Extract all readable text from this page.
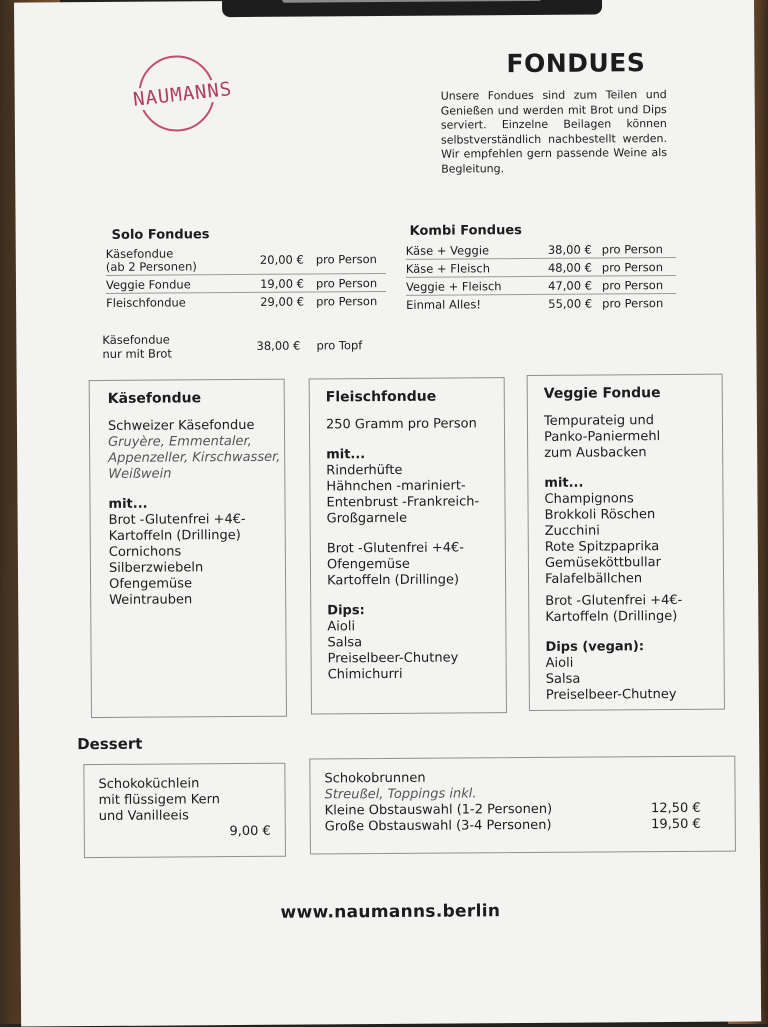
NAUMANNS
FONDUES
Unsere Fondues sind zum Teilen und Genießen und werden mit Brot und Dips serviert. Einzelne Beilagen können selbstverständlich nachbestellt werden. Wir empfehlen gern passende Weine als Begleitung.
Solo Fondues
Käsefondue
(ab 2 Personen)	20,00 € pro Person
Veggie Fondue	19,00 € pro Person
Fleischfondue	29,00 € pro Person
Käsefondue
nur mit Brot
38,00 € pro Topf
Kombi Fondues
Käse + Veggie	38,00 € pro Person
Käse + Fleisch	48,00 € pro Person
Veggie + Fleisch	47,00 € pro Person
Einmal Alles!	55,00 € pro Person
Käsefondue
Schweizer Käsefondue
Gruyère, Emmentaler,
Appenzeller, Kirschwasser,
Weißwein
mit...
Brot -Glutenfrei +4€-
Kartoffeln (Drillinge)
Cornichons
Silberzwiebeln
Ofengemüse
Weintrauben
Fleischfondue
250 Gramm pro Person
mit...
Rinderhüfte
Hähnchen -mariniert-
Entenbrust -Frankreich-
Großgarnele
Brot -Glutenfrei +4€-
Ofengemüse
Kartoffeln (Drillinge)
Dips:
Aioli
Salsa
Preiselbeer-Chutney
Chimichurri
Veggie Fondue
Tempurateig und
Panko-Paniermehl
zum Ausbacken
mit...
Champignons
Brokkoli Röschen
Zucchini
Rote Spitzpaprika
Gemüseköttbullar
Falafelbällchen
Brot -Glutenfrei +4€-
Kartoffeln (Drillinge)
Dips (vegan):
Aioli
Salsa
Preiselbeer-Chutney
Dessert
Schokoküchlein
mit flüssigem Kern
und Vanilleeis
9,00 €
Schokobrunnen
Streußel, Toppings inkl.
Kleine Obstauswahl (1-2 Personen)	12,50 €
Große Obstauswahl (3-4 Personen)	19,50 €
www.naumanns.berlin
